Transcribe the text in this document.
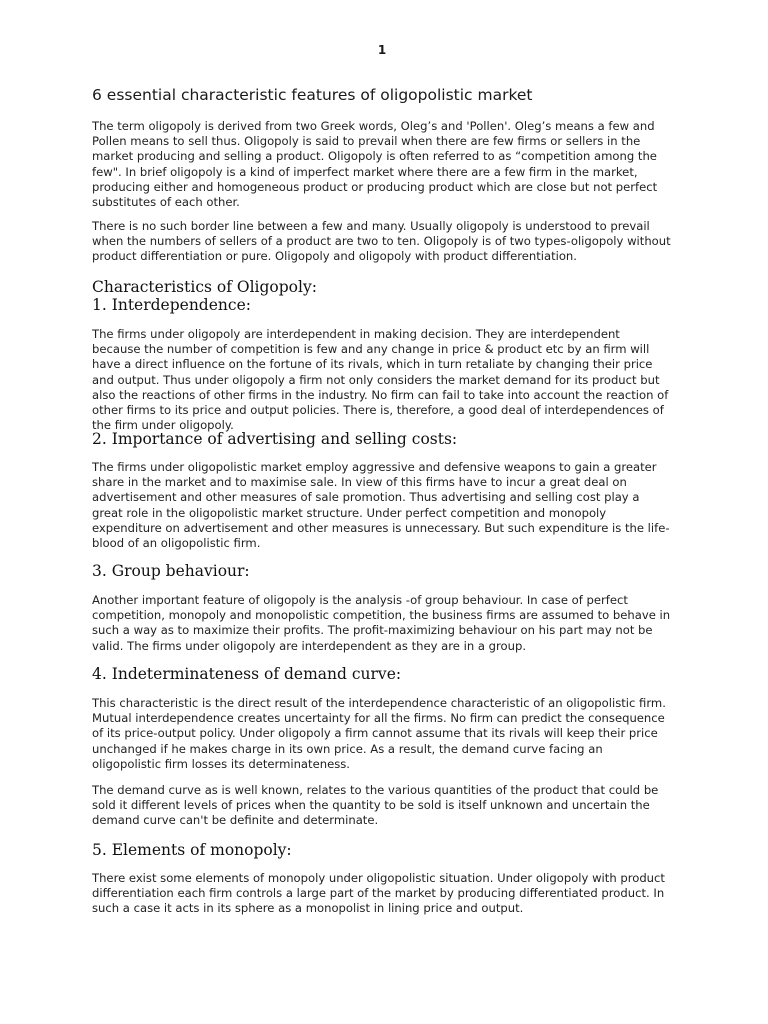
1

6 essential characteristic features of oligopolistic market

The term oligopoly is derived from two Greek words, Oleg’s and 'Pollen'. Oleg’s means a few and Pollen means to sell thus. Oligopoly is said to prevail when there are few firms or sellers in the market producing and selling a product. Oligopoly is often referred to as “competition among the few". In brief oligopoly is a kind of imperfect market where there are a few firm in the market, producing either and homogeneous product or producing product which are close but not perfect substitutes of each other.

There is no such border line between a few and many. Usually oligopoly is understood to prevail when the numbers of sellers of a product are two to ten. Oligopoly is of two types-oligopoly without product differentiation or pure. Oligopoly and oligopoly with product differentiation.

Characteristics of Oligopoly:
1. Interdependence:

The firms under oligopoly are interdependent in making decision. They are interdependent because the number of competition is few and any change in price & product etc by an firm will have a direct influence on the fortune of its rivals, which in turn retaliate by changing their price and output. Thus under oligopoly a firm not only considers the market demand for its product but also the reactions of other firms in the industry. No firm can fail to take into account the reaction of other firms to its price and output policies. There is, therefore, a good deal of interdependences of the firm under oligopoly.

2. Importance of advertising and selling costs:

The firms under oligopolistic market employ aggressive and defensive weapons to gain a greater share in the market and to maximise sale. In view of this firms have to incur a great deal on advertisement and other measures of sale promotion. Thus advertising and selling cost play a great role in the oligopolistic market structure. Under perfect competition and monopoly expenditure on advertisement and other measures is unnecessary. But such expenditure is the life-blood of an oligopolistic firm.

3. Group behaviour:

Another important feature of oligopoly is the analysis -of group behaviour. In case of perfect competition, monopoly and monopolistic competition, the business firms are assumed to behave in such a way as to maximize their profits. The profit-maximizing behaviour on his part may not be valid. The firms under oligopoly are interdependent as they are in a group.

4. Indeterminateness of demand curve:

This characteristic is the direct result of the interdependence characteristic of an oligopolistic firm. Mutual interdependence creates uncertainty for all the firms. No firm can predict the consequence of its price-output policy. Under oligopoly a firm cannot assume that its rivals will keep their price unchanged if he makes charge in its own price. As a result, the demand curve facing an oligopolistic firm losses its determinateness.

The demand curve as is well known, relates to the various quantities of the product that could be sold it different levels of prices when the quantity to be sold is itself unknown and uncertain the demand curve can't be definite and determinate.

5. Elements of monopoly:

There exist some elements of monopoly under oligopolistic situation. Under oligopoly with product differentiation each firm controls a large part of the market by producing differentiated product. In such a case it acts in its sphere as a monopolist in lining price and output.
